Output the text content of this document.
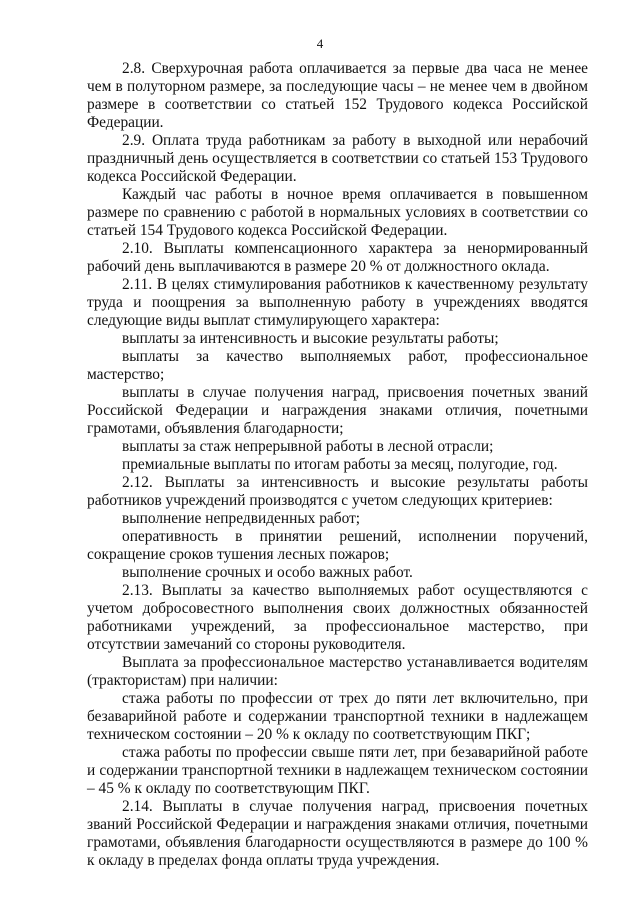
4

2.8. Сверхурочная работа оплачивается за первые два часа не менее чем в полуторном размере, за последующие часы – не менее чем в двойном размере в соответствии со статьей 152 Трудового кодекса Российской Федерации.

2.9. Оплата труда работникам за работу в выходной или нерабочий праздничный день осуществляется в соответствии со статьей 153 Трудового кодекса Российской Федерации.

Каждый час работы в ночное время оплачивается в повышенном размере по сравнению с работой в нормальных условиях в соответствии со статьей 154 Трудового кодекса Российской Федерации.

2.10. Выплаты компенсационного характера за ненормированный рабочий день выплачиваются в размере 20 % от должностного оклада.

2.11. В целях стимулирования работников к качественному результату труда и поощрения за выполненную работу в учреждениях вводятся следующие виды выплат стимулирующего характера:

выплаты за интенсивность и высокие результаты работы;

выплаты за качество выполняемых работ, профессиональное мастерство;

выплаты в случае получения наград, присвоения почетных званий Российской Федерации и награждения знаками отличия, почетными грамотами, объявления благодарности;

выплаты за стаж непрерывной работы в лесной отрасли;

премиальные выплаты по итогам работы за месяц, полугодие, год.

2.12. Выплаты за интенсивность и высокие результаты работы работников учреждений производятся с учетом следующих критериев:

выполнение непредвиденных работ;

оперативность в принятии решений, исполнении поручений, сокращение сроков тушения лесных пожаров;

выполнение срочных и особо важных работ.

2.13. Выплаты за качество выполняемых работ осуществляются с учетом добросовестного выполнения своих должностных обязанностей работниками учреждений, за профессиональное мастерство, при отсутствии замечаний со стороны руководителя.

Выплата за профессиональное мастерство устанавливается водителям (трактористам) при наличии:

стажа работы по профессии от трех до пяти лет включительно, при безаварийной работе и содержании транспортной техники в надлежащем техническом состоянии – 20 % к окладу по соответствующим ПКГ;

стажа работы по профессии свыше пяти лет, при безаварийной работе и содержании транспортной техники в надлежащем техническом состоянии – 45 % к окладу по соответствующим ПКГ.

2.14. Выплаты в случае получения наград, присвоения почетных званий Российской Федерации и награждения знаками отличия, почетными грамотами, объявления благодарности осуществляются в размере до 100 % к окладу в пределах фонда оплаты труда учреждения.
